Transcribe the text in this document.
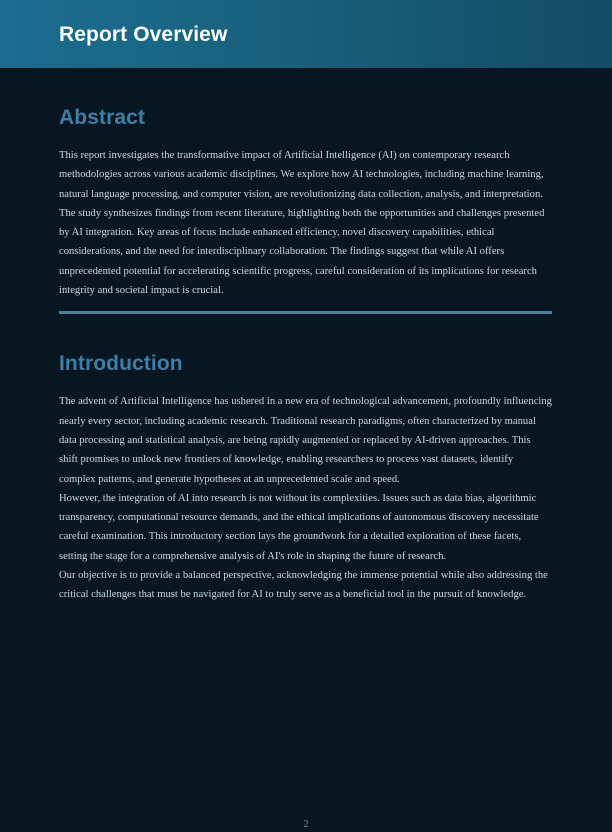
Report Overview
Abstract

This report investigates the transformative impact of Artificial Intelligence (AI) on contemporary research methodologies across various academic disciplines. We explore how AI technologies, including machine learning, natural language processing, and computer vision, are revolutionizing data collection, analysis, and interpretation. The study synthesizes findings from recent literature, highlighting both the opportunities and challenges presented by AI integration. Key areas of focus include enhanced efficiency, novel discovery capabilities, ethical considerations, and the need for interdisciplinary collaboration. The findings suggest that while AI offers unprecedented potential for accelerating scientific progress, careful consideration of its implications for research integrity and societal impact is crucial.

Introduction

The advent of Artificial Intelligence has ushered in a new era of technological advancement, profoundly influencing nearly every sector, including academic research. Traditional research paradigms, often characterized by manual data processing and statistical analysis, are being rapidly augmented or replaced by AI-driven approaches. This shift promises to unlock new frontiers of knowledge, enabling researchers to process vast datasets, identify complex patterns, and generate hypotheses at an unprecedented scale and speed.

However, the integration of AI into research is not without its complexities. Issues such as data bias, algorithmic transparency, computational resource demands, and the ethical implications of autonomous discovery necessitate careful examination. This introductory section lays the groundwork for a detailed exploration of these facets, setting the stage for a comprehensive analysis of AI's role in shaping the future of research.

Our objective is to provide a balanced perspective, acknowledging the immense potential while also addressing the critical challenges that must be navigated for AI to truly serve as a beneficial tool in the pursuit of knowledge.

2
